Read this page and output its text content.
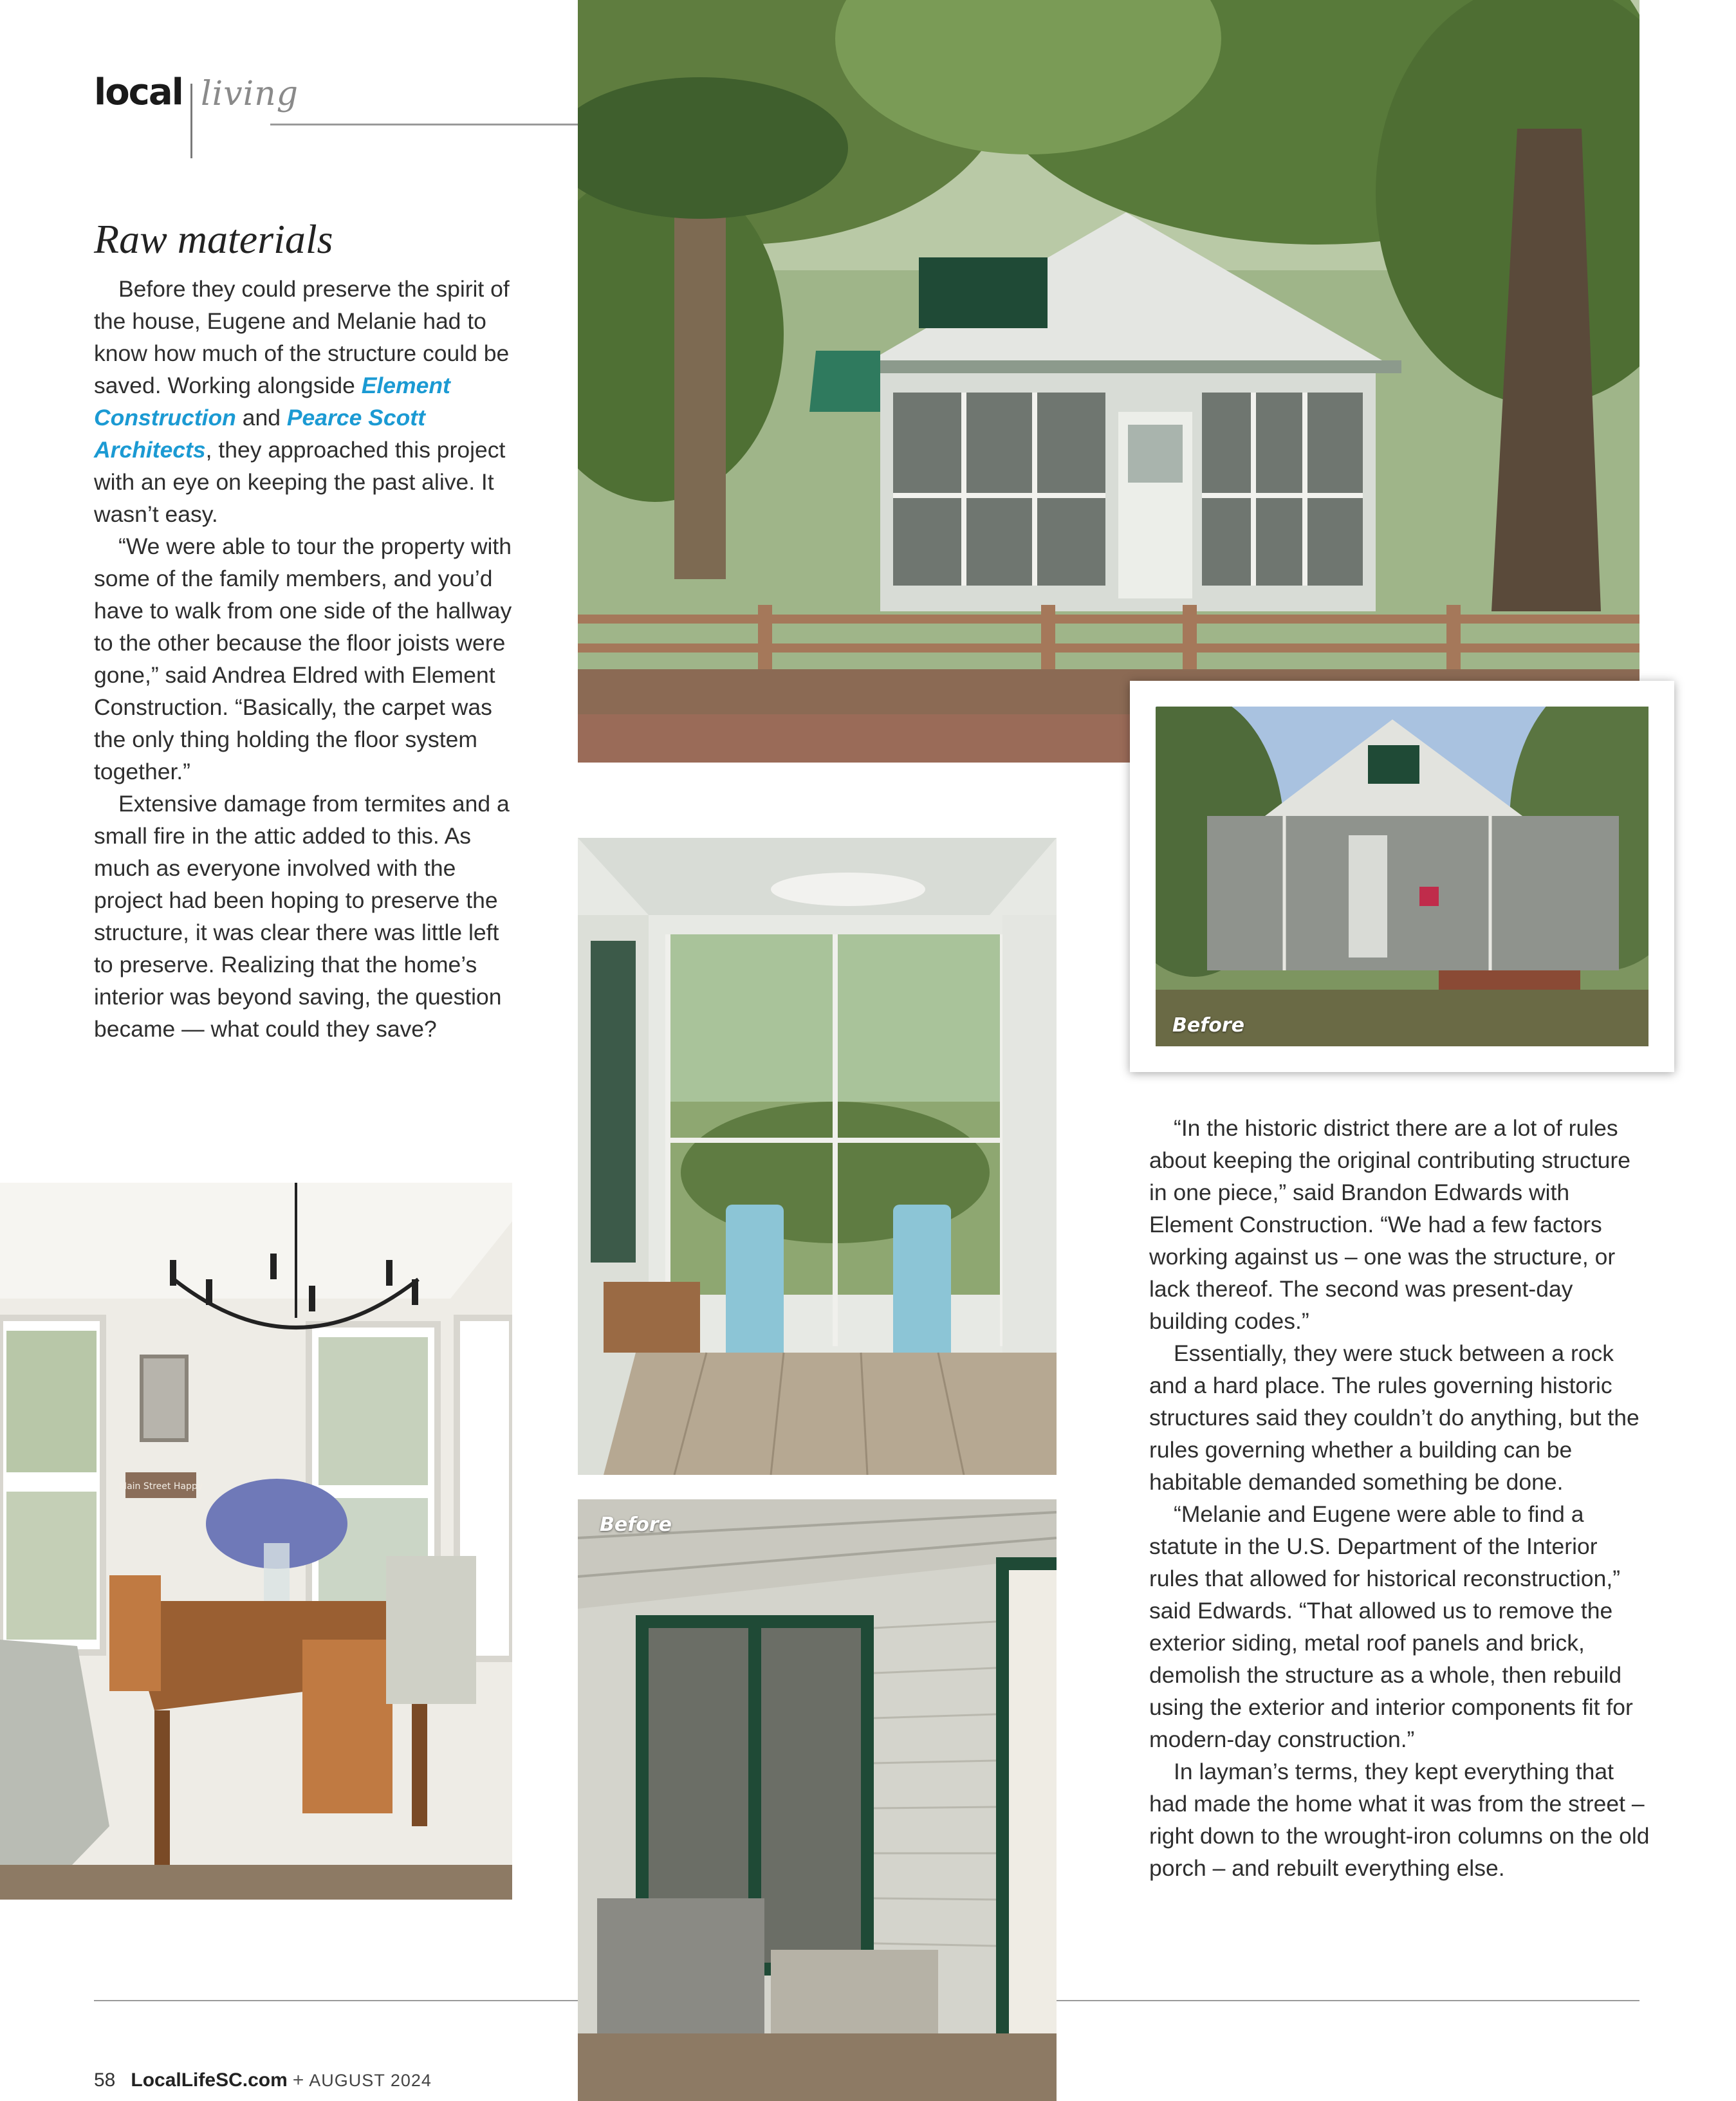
local living
Raw materials

Before they could preserve the spirit of the house, Eugene and Melanie had to know how much of the structure could be saved. Working alongside Element Construction and Pearce Scott Architects, they approached this project with an eye on keeping the past alive. It wasn’t easy.

“We were able to tour the property with some of the family members, and you’d have to walk from one side of the hallway to the other because the floor joists were gone,” said Andrea Eldred with Element Construction. “Basically, the carpet was the only thing holding the floor system together.”

Extensive damage from termites and a small fire in the attic added to this. As much as everyone involved with the project had been hoping to preserve the structure, it was clear there was little left to preserve. Realizing that the home’s interior was beyond saving, the question became — what could they save?	Before
Before
Main Street Happy

“In the historic district there are a lot of rules about keeping the original contributing structure in one piece,” said Brandon Edwards with Element Construction. “We had a few factors working against us – one was the structure, or lack thereof. The second was present-day building codes.”

Essentially, they were stuck between a rock and a hard place. The rules governing historic structures said they couldn’t do anything, but the rules governing whether a building can be habitable demanded something be done.

“Melanie and Eugene were able to find a statute in the U.S. Department of the Interior rules that allowed for historical reconstruction,” said Edwards. “That allowed us to remove the exterior siding, metal roof panels and brick, demolish the structure as a whole, then rebuild using the exterior and interior components fit for modern-day construction.”

In layman’s terms, they kept everything that had made the home what it was from the street – right down to the wrought-iron columns on the old porch – and rebuilt everything else.

58 LocalLifeSC.com + AUGUST 2024
